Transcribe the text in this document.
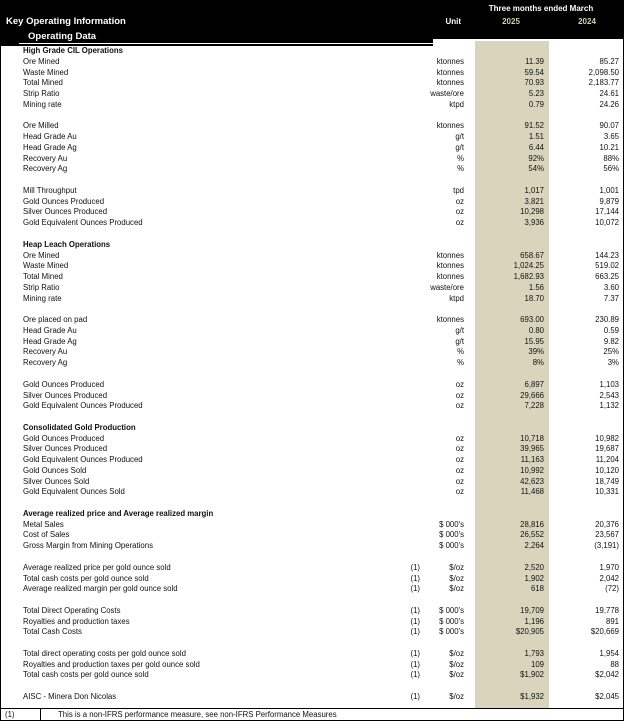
Key Operating Information
Operating Data
Three months ended March
Unit	2025	2024
High Grade CIL Operations
Ore Mined	ktonnes	11.39	85.27
Waste Mined	ktonnes	59.54	2,098.50
Total Mined	ktonnes	70.93	2,183.77
Strip Ratio	waste/ore	5.23	24.61
Mining rate	ktpd	0.79	24.26
Ore Milled	ktonnes	91.52	90.07
Head Grade Au	g/t	1.51	3.65
Head Grade Ag	g/t	6.44	10.21
Recovery Au	%	92%	88%
Recovery Ag	%	54%	56%
Mill Throughput	tpd	1,017	1,001
Gold Ounces Produced	oz	3,821	9,879
Silver Ounces Produced	oz	10,298	17,144
Gold Equivalent Ounces Produced	oz	3,936	10,072
Heap Leach Operations
Ore Mined	ktonnes	658.67	144.23
Waste Mined	ktonnes	1,024.25	519.02
Total Mined	ktonnes	1,682.93	663.25
Strip Ratio	waste/ore	1.56	3.60
Mining rate	ktpd	18.70	7.37
Ore placed on pad	ktonnes	693.00	230.89
Head Grade Au	g/t	0.80	0.59
Head Grade Ag	g/t	15.95	9.82
Recovery Au	%	39%	25%
Recovery Ag	%	8%	3%
Gold Ounces Produced	oz	6,897	1,103
Silver Ounces Produced	oz	29,666	2,543
Gold Equivalent Ounces Produced	oz	7,228	1,132
Consolidated Gold Production
Gold Ounces Produced	oz	10,718	10,982
Silver Ounces Produced	oz	39,965	19,687
Gold Equivalent Ounces Produced	oz	11,163	11,204
Gold Ounces Sold	oz	10,992	10,120
Silver Ounces Sold	oz	42,623	18,749
Gold Equivalent Ounces Sold	oz	11,468	10,331
Average realized price and Average realized margin
Metal Sales	$ 000's	28,816	20,376
Cost of Sales	$ 000's	26,552	23,567
Gross Margin from Mining Operations	$ 000's	2,264	(3,191)
Average realized price per gold ounce sold	(1)	$/oz	2,520	1,970
Total cash costs per gold ounce sold	(1)	$/oz	1,902	2,042
Average realized margin per gold ounce sold	(1)	$/oz	618	(72)
Total Direct Operating Costs	(1)	$ 000's	19,709	19,778
Royalties and production taxes	(1)	$ 000's	1,196	891
Total Cash Costs	(1)	$ 000's	$20,905	$20,669
Total direct operating costs per gold ounce sold	(1)	$/oz	1,793	1,954
Royalties and production taxes per gold ounce sold	(1)	$/oz	109	88
Total cash costs per gold ounce sold	(1)	$/oz	$1,902	$2,042
AISC - Minera Don Nicolas	(1)	$/oz	$1,932	$2,045
(1)	This is a non-IFRS performance measure, see non-IFRS Performance Measures
